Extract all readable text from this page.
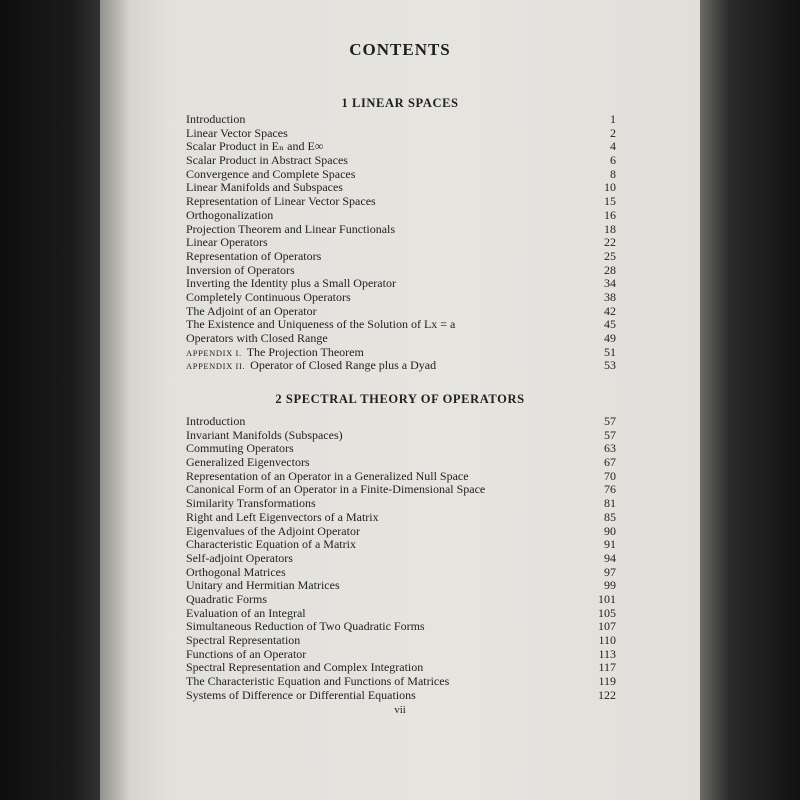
CONTENTS
1 LINEAR SPACES
Introduction	1
Linear Vector Spaces	2
Scalar Product in Eₙ and E∞	4
Scalar Product in Abstract Spaces	6
Convergence and Complete Spaces	8
Linear Manifolds and Subspaces	10
Representation of Linear Vector Spaces	15
Orthogonalization	16
Projection Theorem and Linear Functionals	18
Linear Operators	22
Representation of Operators	25
Inversion of Operators	28
Inverting the Identity plus a Small Operator	34
Completely Continuous Operators	38
The Adjoint of an Operator	42
The Existence and Uniqueness of the Solution of Lx = a	45
Operators with Closed Range	49
APPENDIX I. The Projection Theorem	51
APPENDIX II. Operator of Closed Range plus a Dyad	53
2 SPECTRAL THEORY OF OPERATORS
Introduction	57
Invariant Manifolds (Subspaces)	57
Commuting Operators	63
Generalized Eigenvectors	67
Representation of an Operator in a Generalized Null Space	70
Canonical Form of an Operator in a Finite-Dimensional Space	76
Similarity Transformations	81
Right and Left Eigenvectors of a Matrix	85
Eigenvalues of the Adjoint Operator	90
Characteristic Equation of a Matrix	91
Self-adjoint Operators	94
Orthogonal Matrices	97
Unitary and Hermitian Matrices	99
Quadratic Forms	101
Evaluation of an Integral	105
Simultaneous Reduction of Two Quadratic Forms	107
Spectral Representation	110
Functions of an Operator	113
Spectral Representation and Complex Integration	117
The Characteristic Equation and Functions of Matrices	119
Systems of Difference or Differential Equations	122
vii
